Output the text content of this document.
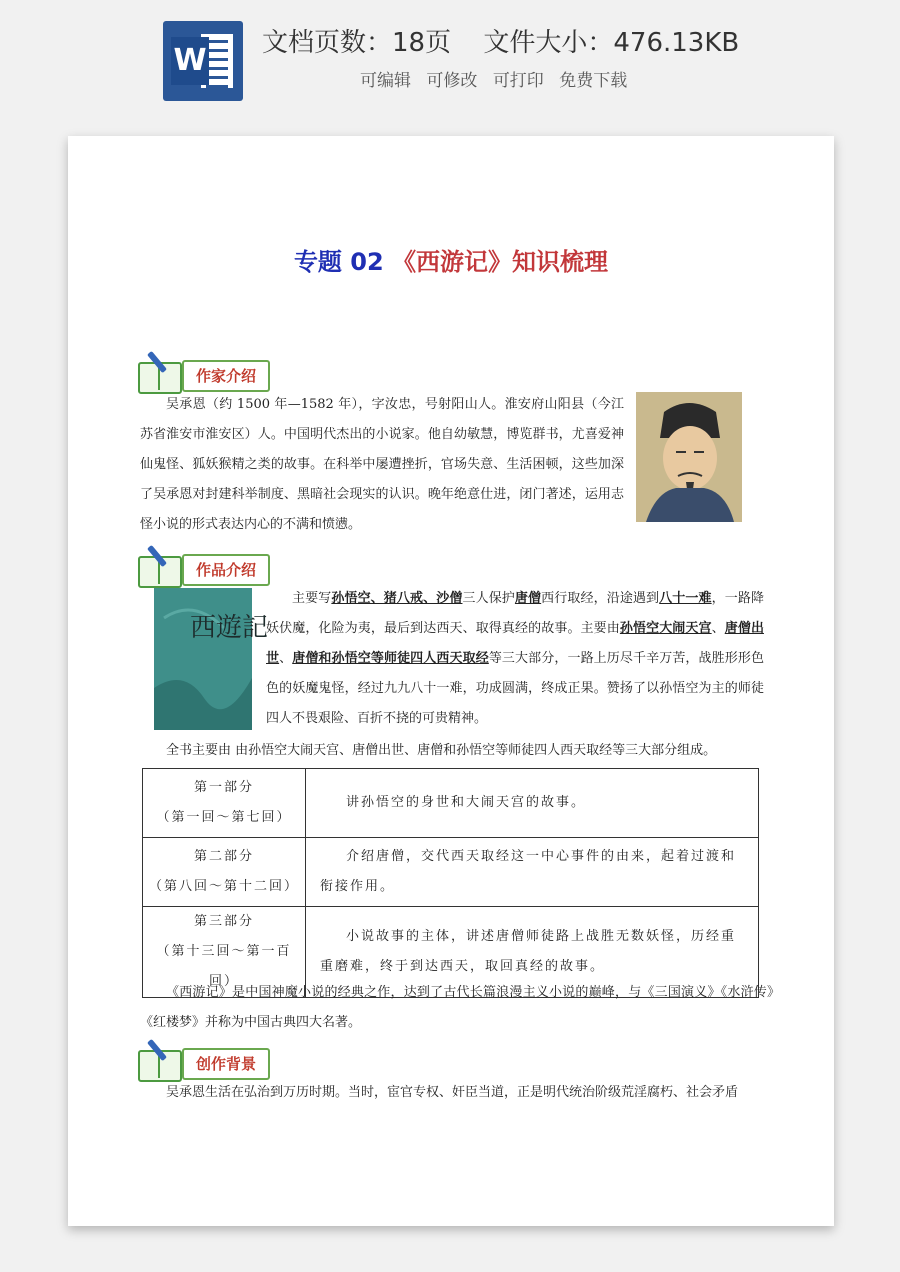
W 文档页数：18页 文件大小：476.13KB
可编辑 可修改 可打印 免费下载
专题 02 《西游记》知识梳理
作家介绍

吴承恩（约 1500 年—1582 年），字汝忠，号射阳山人。淮安府山阳县（今江苏省淮安市淮安区）人。中国明代杰出的小说家。他自幼敏慧，博览群书，尤喜爱神仙鬼怪、狐妖猴精之类的故事。在科举中屡遭挫折，官场失意、生活困顿，这些加深了吴承恩对封建科举制度、黑暗社会现实的认识。晚年绝意仕进，闭门著述，运用志怪小说的形式表达内心的不满和愤懑。

作品介绍
西遊記

主要写孙悟空、猪八戒、沙僧三人保护唐僧西行取经，沿途遇到八十一难，一路降妖伏魔，化险为夷，最后到达西天、取得真经的故事。主要由孙悟空大闹天宫、唐僧出世、唐僧和孙悟空等师徒四人西天取经等三大部分，一路上历尽千辛万苦，战胜形形色色的妖魔鬼怪，经过九九八十一难，功成圆满，终成正果。赞扬了以孙悟空为主的师徒四人不畏艰险、百折不挠的可贵精神。

全书主要由 由孙悟空大闹天宫、唐僧出世、唐僧和孙悟空等师徒四人西天取经等三大部分组成。

第一部分
（第一回～第七回）	讲孙悟空的身世和大闹天宫的故事。

第二部分
（第八回～第十二回）	介绍唐僧，交代西天取经这一中心事件的由来，起着过渡和衔接作用。

第三部分
（第十三回～第一百回）	小说故事的主体，讲述唐僧师徒路上战胜无数妖怪，历经重重磨难，终于到达西天，取回真经的故事。

《西游记》是中国神魔小说的经典之作，达到了古代长篇浪漫主义小说的巅峰，与《三国演义》《水浒传》《红楼梦》并称为中国古典四大名著。

创作背景

吴承恩生活在弘治到万历时期。当时，宦官专权、奸臣当道，正是明代统治阶级荒淫腐朽、社会矛盾
